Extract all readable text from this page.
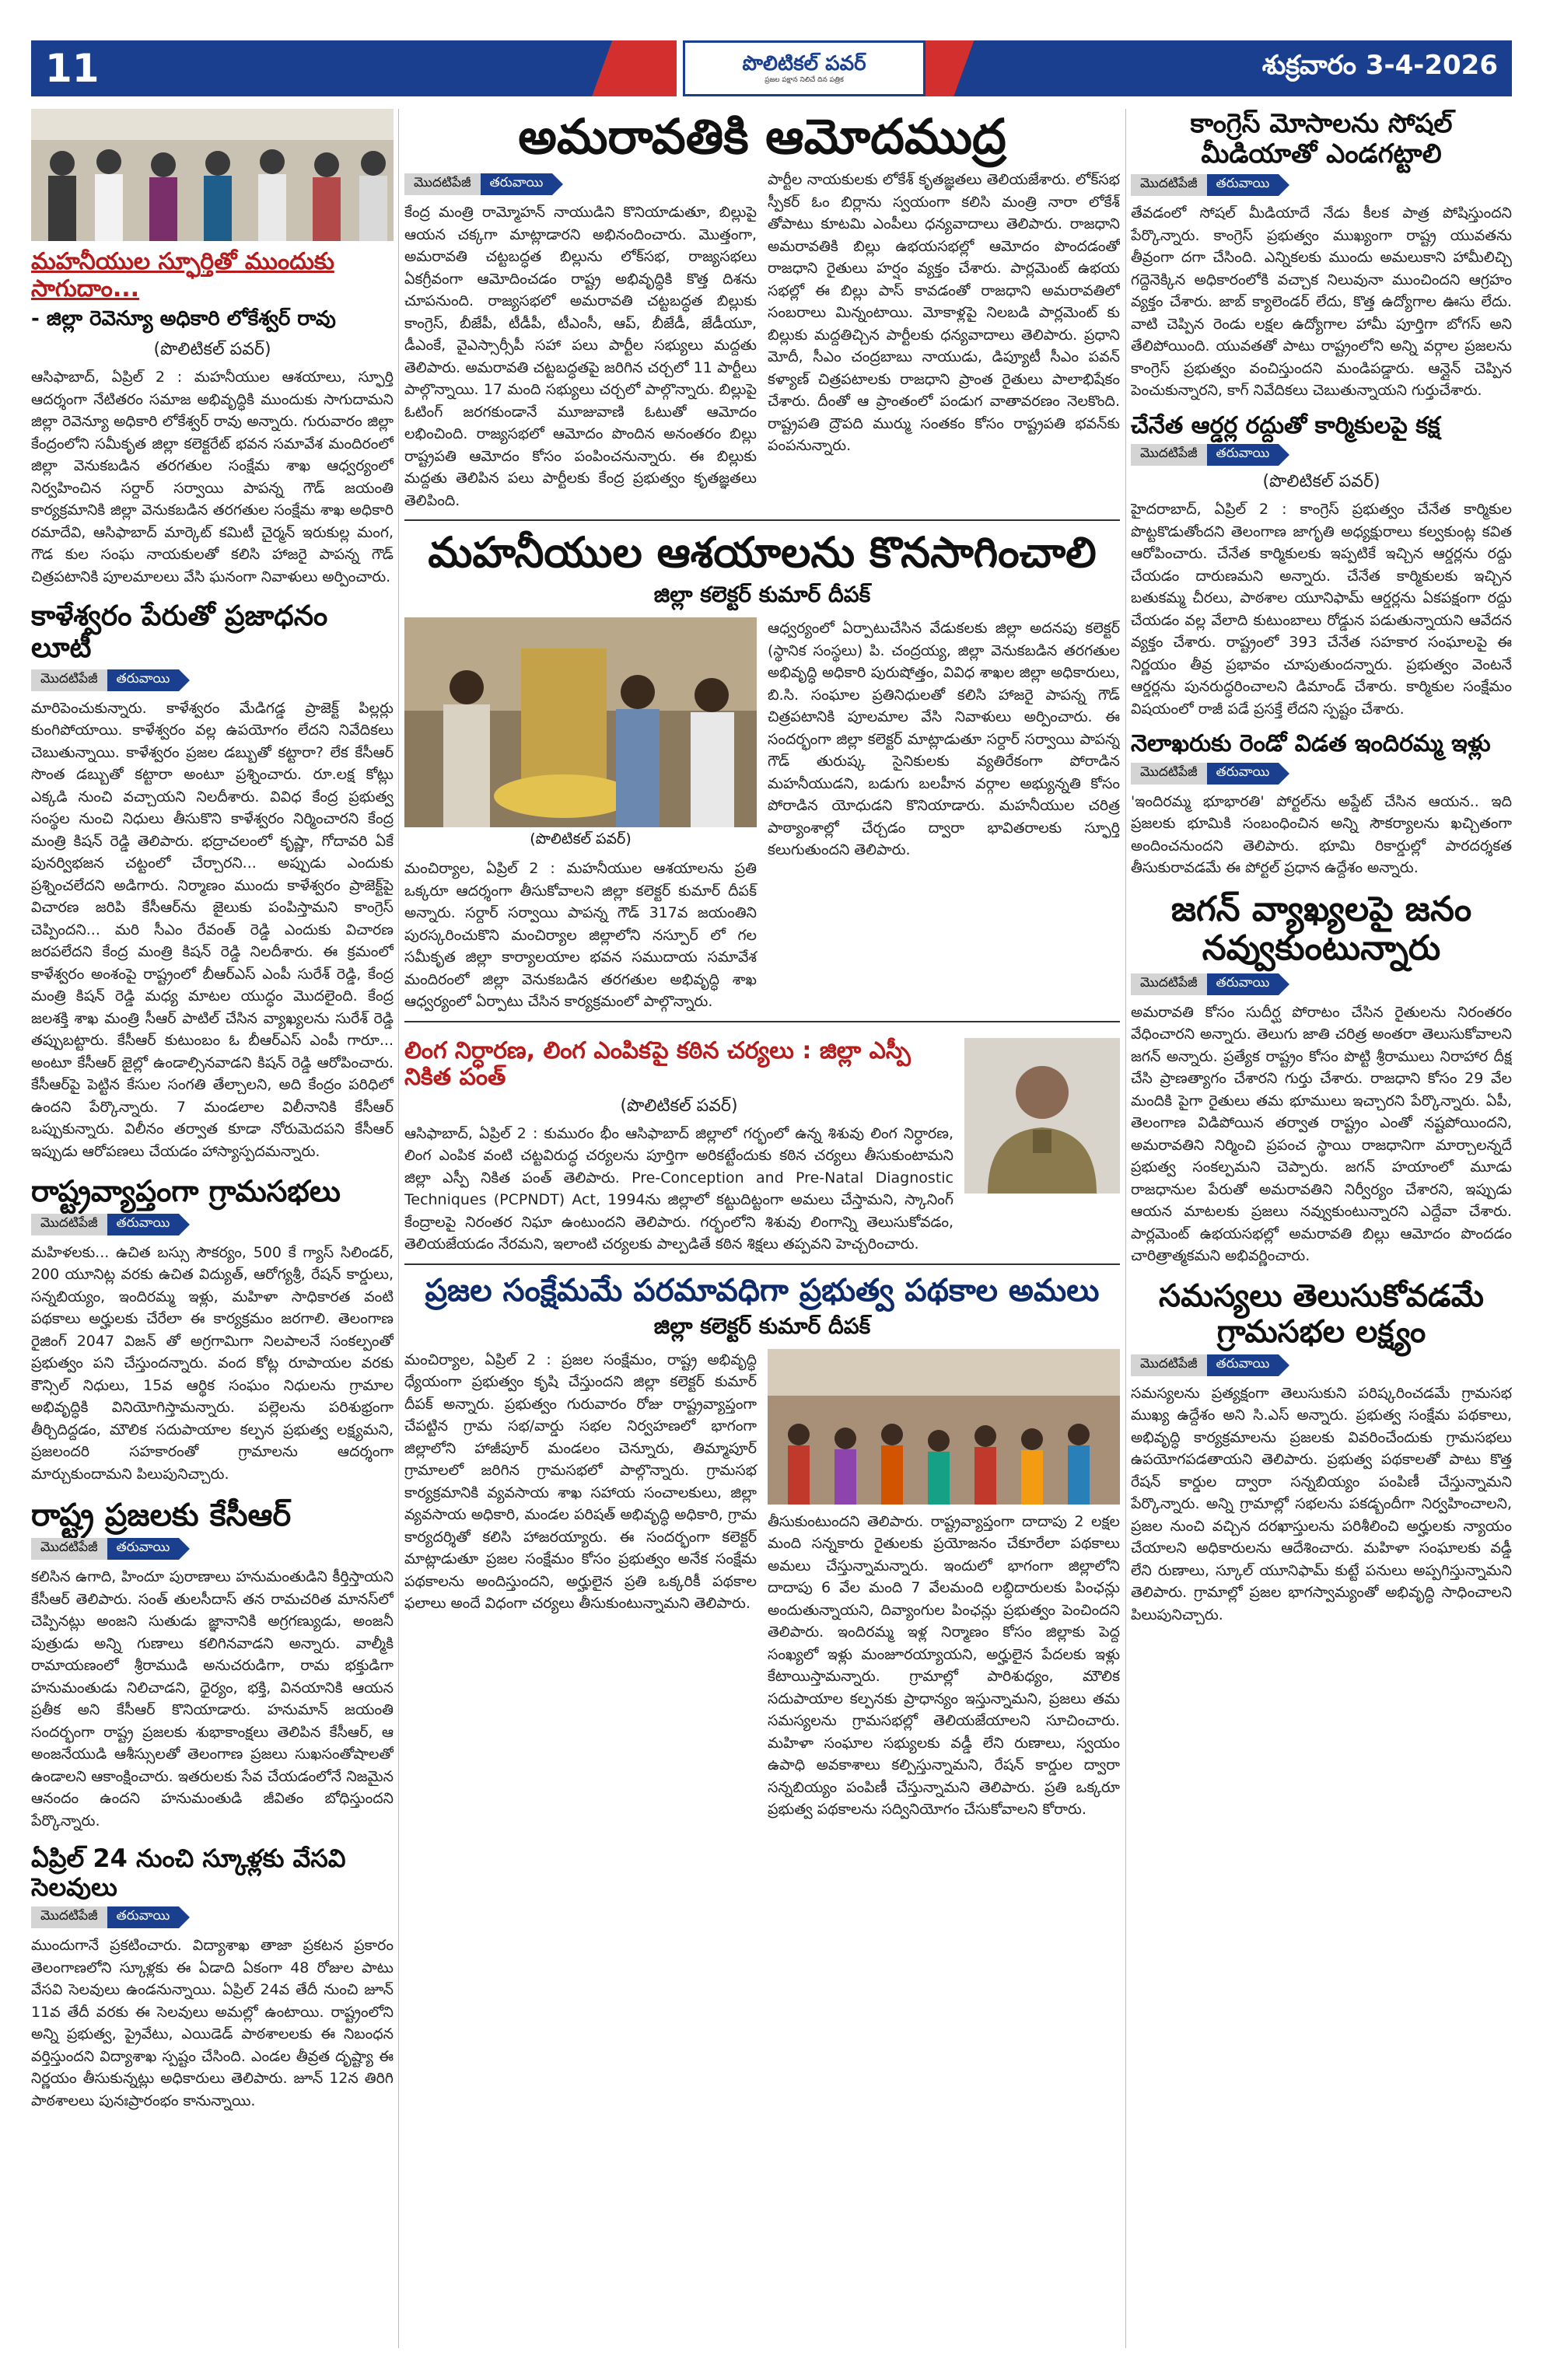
11	పొలిటికల్ పవర్
ప్రజల పక్షాన నిలిచే దిన పత్రిక	శుక్రవారం 3-4-2026
మహనీయుల స్ఫూర్తితో ముందుకు సాగుదాం...
- జిల్లా రెవెన్యూ అధికారి లోకేశ్వర్ రావు
(పొలిటికల్ పవర్)

ఆసిఫాబాద్, ఏప్రిల్ 2 : మహనీయుల ఆశయాలు, స్ఫూర్తి ఆదర్శంగా నేటితరం సమాజ అభివృద్ధికి ముందుకు సాగుదామని జిల్లా రెవెన్యూ అధికారి లోకేశ్వర్ రావు అన్నారు. గురువారం జిల్లా కేంద్రంలోని సమీకృత జిల్లా కలెక్టరేట్ భవన సమావేశ మందిరంలో జిల్లా వెనుకబడిన తరగతుల సంక్షేమ శాఖ ఆధ్వర్యంలో నిర్వహించిన సర్దార్ సర్వాయి పాపన్న గౌడ్ జయంతి కార్యక్రమానికి జిల్లా వెనుకబడిన తరగతుల సంక్షేమ శాఖ అధికారి రమాదేవి, ఆసిఫాబాద్ మార్కెట్ కమిటీ చైర్మన్ ఇరుకుల్ల మంగ, గౌడ కుల సంఘ నాయకులతో కలిసి హాజరై పాపన్న గౌడ్ చిత్రపటానికి పూలమాలలు వేసి ఘనంగా నివాళులు అర్పించారు.

కాళేశ్వరం పేరుతో ప్రజాధనం లూటీ
మొదటిపేజీ	తరువాయి

మారిపెంచుకున్నారు. కాళేశ్వరం మేడిగడ్డ ప్రాజెక్ట్ పిల్లర్లు కుంగిపోయాయి. కాళేశ్వరం వల్ల ఉపయోగం లేదని నివేదికలు చెబుతున్నాయి. కాళేశ్వరం ప్రజల డబ్బుతో కట్టారా? లేక కేసీఆర్ సొంత డబ్బుతో కట్టారా అంటూ ప్రశ్నించారు. రూ.లక్ష కోట్లు ఎక్కడి నుంచి వచ్చాయని నిలదీశారు. వివిధ కేంద్ర ప్రభుత్వ సంస్థల నుంచి నిధులు తీసుకొని కాళేశ్వరం నిర్మించారని కేంద్ర మంత్రి కిషన్ రెడ్డి తెలిపారు. భద్రాచలంలో కృష్ణా, గోదావరి ఏకే పునర్విభజన చట్టంలో చేర్చారని... అప్పుడు ఎందుకు ప్రశ్నించలేదని అడిగారు. నిర్మాణం ముందు కాళేశ్వరం ప్రాజెక్ట్‌పై విచారణ జరిపి కేసీఆర్‌ను జైలుకు పంపిస్తామని కాంగ్రెస్ చెప్పిందని... మరి సీఎం రేవంత్ రెడ్డి ఎందుకు విచారణ జరపలేదని కేంద్ర మంత్రి కిషన్ రెడ్డి నిలదీశారు. ఈ క్రమంలో కాళేశ్వరం అంశంపై రాష్ట్రంలో బీఆర్ఎస్ ఎంపీ సురేశ్ రెడ్డి, కేంద్ర మంత్రి కిషన్ రెడ్డి మధ్య మాటల యుద్ధం మొదలైంది. కేంద్ర జలశక్తి శాఖ మంత్రి సీఆర్ పాటిల్ చేసిన వ్యాఖ్యలను సురేశ్ రెడ్డి తప్పుబట్టారు. కేసీఆర్ కుటుంబం ఓ బీఆర్ఎస్ ఎంపీ గారూ... అంటూ కేసీఆర్ జైల్లో ఉండాల్సినవాడని కిషన్ రెడ్డి ఆరోపించారు. కేసీఆర్‌పై పెట్టిన కేసుల సంగతి తేల్చాలని, అది కేంద్రం పరిధిలో ఉందని పేర్కొన్నారు. 7 మండలాల విలీనానికి కేసీఆర్ ఒప్పుకున్నారు. విలీనం తర్వాత కూడా నోరుమెదపని కేసీఆర్ ఇప్పుడు ఆరోపణలు చేయడం హాస్యాస్పదమన్నారు.

రాష్ట్రవ్యాప్తంగా గ్రామసభలు
మొదటిపేజీ	తరువాయి

మహిళలకు... ఉచిత బస్సు సౌకర్యం, 500 కే గ్యాస్ సిలిండర్, 200 యూనిట్ల వరకు ఉచిత విద్యుత్, ఆరోగ్యశ్రీ, రేషన్ కార్డులు, సన్నబియ్యం, ఇందిరమ్మ ఇళ్లు, మహిళా సాధికారత వంటి పథకాలు అర్హులకు చేరేలా ఈ కార్యక్రమం జరగాలి. తెలంగాణ రైజింగ్ 2047 విజన్ తో అగ్రగామిగా నిలపాలనే సంకల్పంతో ప్రభుత్వం పని చేస్తుందన్నారు. వంద కోట్ల రూపాయల వరకు కౌన్సిల్ నిధులు, 15వ ఆర్థిక సంఘం నిధులను గ్రామాల అభివృద్ధికి వినియోగిస్తామన్నారు. పల్లెలను పరిశుభ్రంగా తీర్చిదిద్దడం, మౌలిక సదుపాయాల కల్పన ప్రభుత్వ లక్ష్యమని, ప్రజలందరి సహకారంతో గ్రామాలను ఆదర్శంగా మార్చుకుందామని పిలుపునిచ్చారు.

రాష్ట్ర ప్రజలకు కేసీఆర్
మొదటిపేజీ	తరువాయి

కలిసిన ఉగాది, హిందూ పురాణాలు హనుమంతుడిని కీర్తిస్తాయని కేసీఆర్ తెలిపారు. సంత్ తులసీదాస్ తన రామచరిత మానస్‌లో చెప్పినట్లు అంజని సుతుడు జ్ఞానానికి అగ్రగణ్యుడు, అంజనీ పుత్రుడు అన్ని గుణాలు కలిగినవాడని అన్నారు. వాల్మీకి రామాయణంలో శ్రీరాముడి అనుచరుడిగా, రామ భక్తుడిగా హనుమంతుడు నిలిచాడని, ధైర్యం, భక్తి, వినయానికి ఆయన ప్రతీక అని కేసీఆర్ కొనియాడారు. హనుమాన్ జయంతి సందర్భంగా రాష్ట్ర ప్రజలకు శుభాకాంక్షలు తెలిపిన కేసీఆర్, ఆ అంజనేయుడి ఆశీస్సులతో తెలంగాణ ప్రజలు సుఖసంతోషాలతో ఉండాలని ఆకాంక్షించారు. ఇతరులకు సేవ చేయడంలోనే నిజమైన ఆనందం ఉందని హనుమంతుడి జీవితం బోధిస్తుందని పేర్కొన్నారు.

ఏప్రిల్ 24 నుంచి స్కూళ్లకు వేసవి సెలవులు
మొదటిపేజీ	తరువాయి

ముందుగానే ప్రకటించారు. విద్యాశాఖ తాజా ప్రకటన ప్రకారం తెలంగాణలోని స్కూళ్లకు ఈ ఏడాది ఏకంగా 48 రోజుల పాటు వేసవి సెలవులు ఉండనున్నాయి. ఏప్రిల్ 24వ తేదీ నుంచి జూన్ 11వ తేదీ వరకు ఈ సెలవులు అమల్లో ఉంటాయి. రాష్ట్రంలోని అన్ని ప్రభుత్వ, ప్రైవేటు, ఎయిడెడ్ పాఠశాలలకు ఈ నిబంధన వర్తిస్తుందని విద్యాశాఖ స్పష్టం చేసింది. ఎండల తీవ్రత దృష్ట్యా ఈ నిర్ణయం తీసుకున్నట్లు అధికారులు తెలిపారు. జూన్ 12న తిరిగి పాఠశాలలు పునఃప్రారంభం కానున్నాయి.

అమరావతికి ఆమోదముద్ర
మొదటిపేజీ	తరువాయి

కేంద్ర మంత్రి రామ్మోహన్ నాయుడిని కొనియాడుతూ, బిల్లుపై ఆయన చక్కగా మాట్లాడారని అభినందించారు. మొత్తంగా, అమరావతి చట్టబద్ధత బిల్లును లోక్‌సభ, రాజ్యసభలు ఏకగ్రీవంగా ఆమోదించడం రాష్ట్ర అభివృద్ధికి కొత్త దిశను చూపనుంది. రాజ్యసభలో అమరావతి చట్టబద్ధత బిల్లుకు కాంగ్రెస్, బీజేపీ, టీడీపీ, టీఎంసీ, ఆప్, బీజేడీ, జేడీయూ, డీఎంకే, వైఎస్సార్సీపీ సహా పలు పార్టీల సభ్యులు మద్దతు తెలిపారు. అమరావతి చట్టబద్ధతపై జరిగిన చర్చలో 11 పార్టీలు పాల్గొన్నాయి. 17 మంది సభ్యులు చర్చలో పాల్గొన్నారు. బిల్లుపై ఓటింగ్ జరగకుండానే మూజువాణి ఓటుతో ఆమోదం లభించింది. రాజ్యసభలో ఆమోదం పొందిన అనంతరం బిల్లు రాష్ట్రపతి ఆమోదం కోసం పంపించనున్నారు. ఈ బిల్లుకు మద్దతు తెలిపిన పలు పార్టీలకు కేంద్ర ప్రభుత్వం కృతజ్ఞతలు తెలిపింది.

పార్టీల నాయకులకు లోకేశ్ కృతజ్ఞతలు తెలియజేశారు. లోక్‌సభ స్పీకర్ ఓం బిర్లాను స్వయంగా కలిసి మంత్రి నారా లోకేశ్ తోపాటు కూటమి ఎంపీలు ధన్యవాదాలు తెలిపారు. రాజధాని అమరావతికి బిల్లు ఉభయసభల్లో ఆమోదం పొందడంతో రాజధాని రైతులు హర్షం వ్యక్తం చేశారు. పార్లమెంట్ ఉభయ సభల్లో ఈ బిల్లు పాస్ కావడంతో రాజధాని అమరావతిలో సంబరాలు మిన్నంటాయి. మోకాళ్లపై నిలబడి పార్లమెంట్ కు బిల్లుకు మద్దతిచ్చిన పార్టీలకు ధన్యవాదాలు తెలిపారు. ప్రధాని మోదీ, సీఎం చంద్రబాబు నాయుడు, డిప్యూటీ సీఎం పవన్ కళ్యాణ్ చిత్రపటాలకు రాజధాని ప్రాంత రైతులు పాలాభిషేకం చేశారు. దీంతో ఆ ప్రాంతంలో పండుగ వాతావరణం నెలకొంది. రాష్ట్రపతి ద్రౌపది ముర్ము సంతకం కోసం రాష్ట్రపతి భవన్‌కు పంపనున్నారు.

మహనీయుల ఆశయాలను కొనసాగించాలి
జిల్లా కలెక్టర్ కుమార్ దీపక్
(పొలిటికల్ పవర్)

మంచిర్యాల, ఏప్రిల్ 2 : మహనీయుల ఆశయాలను ప్రతి ఒక్కరూ ఆదర్శంగా తీసుకోవాలని జిల్లా కలెక్టర్ కుమార్ దీపక్ అన్నారు. సర్దార్ సర్వాయి పాపన్న గౌడ్ 317వ జయంతిని పురస్కరించుకొని మంచిర్యాల జిల్లాలోని నస్పూర్ లో గల సమీకృత జిల్లా కార్యాలయాల భవన సముదాయ సమావేశ మందిరంలో జిల్లా వెనుకబడిన తరగతుల అభివృద్ధి శాఖ ఆధ్వర్యంలో ఏర్పాటు చేసిన కార్యక్రమంలో పాల్గొన్నారు.

ఆధ్వర్యంలో ఏర్పాటుచేసిన వేడుకలకు జిల్లా అదనపు కలెక్టర్ (స్థానిక సంస్థలు) పి. చంద్రయ్య, జిల్లా వెనుకబడిన తరగతుల అభివృద్ధి అధికారి పురుషోత్తం, వివిధ శాఖల జిల్లా అధికారులు, బి.సి. సంఘాల ప్రతినిధులతో కలిసి హాజరై పాపన్న గౌడ్ చిత్రపటానికి పూలమాల వేసి నివాళులు అర్పించారు. ఈ సందర్భంగా జిల్లా కలెక్టర్ మాట్లాడుతూ సర్దార్ సర్వాయి పాపన్న గౌడ్ తురుష్క సైనికులకు వ్యతిరేకంగా పోరాడిన మహనీయుడని, బడుగు బలహీన వర్గాల అభ్యున్నతి కోసం పోరాడిన యోధుడని కొనియాడారు. మహనీయుల చరిత్ర పాఠ్యాంశాల్లో చేర్చడం ద్వారా భావితరాలకు స్ఫూర్తి కలుగుతుందని తెలిపారు.

లింగ నిర్ధారణ, లింగ ఎంపికపై కఠిన చర్యలు : జిల్లా ఎస్పీ నికిత పంత్
(పొలిటికల్ పవర్)

ఆసిఫాబాద్, ఏప్రిల్ 2 : కుమురం భీం ఆసిఫాబాద్ జిల్లాలో గర్భంలో ఉన్న శిశువు లింగ నిర్ధారణ, లింగ ఎంపిక వంటి చట్టవిరుద్ధ చర్యలను పూర్తిగా అరికట్టేందుకు కఠిన చర్యలు తీసుకుంటామని జిల్లా ఎస్పీ నికిత పంత్ తెలిపారు. Pre-Conception and Pre-Natal Diagnostic Techniques (PCPNDT) Act, 1994ను జిల్లాలో కట్టుదిట్టంగా అమలు చేస్తామని, స్కానింగ్ కేంద్రాలపై నిరంతర నిఘా ఉంటుందని తెలిపారు. గర్భంలోని శిశువు లింగాన్ని తెలుసుకోవడం, తెలియజేయడం నేరమని, ఇలాంటి చర్యలకు పాల్పడితే కఠిన శిక్షలు తప్పవని హెచ్చరించారు.

ప్రజల సంక్షేమమే పరమావధిగా ప్రభుత్వ పథకాల అమలు
జిల్లా కలెక్టర్ కుమార్ దీపక్

మంచిర్యాల, ఏప్రిల్ 2 : ప్రజల సంక్షేమం, రాష్ట్ర అభివృద్ధి ధ్యేయంగా ప్రభుత్వం కృషి చేస్తుందని జిల్లా కలెక్టర్ కుమార్ దీపక్ అన్నారు. ప్రభుత్వం గురువారం రోజు రాష్ట్రవ్యాప్తంగా చేపట్టిన గ్రామ సభ/వార్డు సభల నిర్వహణలో భాగంగా జిల్లాలోని హాజీపూర్ మండలం చెన్నూరు, తిమ్మాపూర్ గ్రామాలలో జరిగిన గ్రామసభలో పాల్గొన్నారు. గ్రామసభ కార్యక్రమానికి వ్యవసాయ శాఖ సహాయ సంచాలకులు, జిల్లా వ్యవసాయ అధికారి, మండల పరిషత్ అభివృద్ధి అధికారి, గ్రామ కార్యదర్శితో కలిసి హాజరయ్యారు. ఈ సందర్భంగా కలెక్టర్ మాట్లాడుతూ ప్రజల సంక్షేమం కోసం ప్రభుత్వం అనేక సంక్షేమ పథకాలను అందిస్తుందని, అర్హులైన ప్రతి ఒక్కరికీ పథకాల ఫలాలు అందే విధంగా చర్యలు తీసుకుంటున్నామని తెలిపారు.

తీసుకుంటుందని తెలిపారు. రాష్ట్రవ్యాప్తంగా దాదాపు 2 లక్షల మంది సన్నకారు రైతులకు ప్రయోజనం చేకూరేలా పథకాలు అమలు చేస్తున్నామన్నారు. ఇందులో భాగంగా జిల్లాలోని దాదాపు 6 వేల మంది 7 వేలమంది లబ్ధిదారులకు పింఛన్లు అందుతున్నాయని, దివ్యాంగుల పింఛన్లు ప్రభుత్వం పెంచిందని తెలిపారు. ఇందిరమ్మ ఇళ్ల నిర్మాణం కోసం జిల్లాకు పెద్ద సంఖ్యలో ఇళ్లు మంజూరయ్యాయని, అర్హులైన పేదలకు ఇళ్లు కేటాయిస్తామన్నారు. గ్రామాల్లో పారిశుధ్యం, మౌలిక సదుపాయాల కల్పనకు ప్రాధాన్యం ఇస్తున్నామని, ప్రజలు తమ సమస్యలను గ్రామసభల్లో తెలియజేయాలని సూచించారు. మహిళా సంఘాల సభ్యులకు వడ్డీ లేని రుణాలు, స్వయం ఉపాధి అవకాశాలు కల్పిస్తున్నామని, రేషన్ కార్డుల ద్వారా సన్నబియ్యం పంపిణీ చేస్తున్నామని తెలిపారు. ప్రతి ఒక్కరూ ప్రభుత్వ పథకాలను సద్వినియోగం చేసుకోవాలని కోరారు.

కాంగ్రెస్ మోసాలను సోషల్ మీడియాతో ఎండగట్టాలి
మొదటిపేజీ	తరువాయి

తేవడంలో సోషల్ మీడియాదే నేడు కీలక పాత్ర పోషిస్తుందని పేర్కొన్నారు. కాంగ్రెస్ ప్రభుత్వం ముఖ్యంగా రాష్ట్ర యువతను తీవ్రంగా దగా చేసింది. ఎన్నికలకు ముందు అమలుకాని హామీలిచ్చి గద్దెనెక్కిన అధికారంలోకి వచ్చాక నిలువునా ముంచిందని ఆగ్రహం వ్యక్తం చేశారు. జాబ్ క్యాలెండర్ లేదు, కొత్త ఉద్యోగాల ఊసు లేదు. వాటి చెప్పిన రెండు లక్షల ఉద్యోగాల హామీ పూర్తిగా బోగస్ అని తేలిపోయింది. యువతతో పాటు రాష్ట్రంలోని అన్ని వర్గాల ప్రజలను కాంగ్రెస్ ప్రభుత్వం వంచిస్తుందని మండిపడ్డారు. ఆన్లైన్ చెప్పిన పెంచుకున్నారని, కాగ్ నివేదికలు చెబుతున్నాయని గుర్తుచేశారు.

చేనేత ఆర్డర్ల రద్దుతో కార్మికులపై కక్ష
మొదటిపేజీ	తరువాయి
(పొలిటికల్ పవర్)

హైదరాబాద్, ఏప్రిల్ 2 : కాంగ్రెస్ ప్రభుత్వం చేనేత కార్మికుల పొట్టకొడుతోందని తెలంగాణ జాగృతి అధ్యక్షురాలు కల్వకుంట్ల కవిత ఆరోపించారు. చేనేత కార్మికులకు ఇప్పటికే ఇచ్చిన ఆర్డర్లను రద్దు చేయడం దారుణమని అన్నారు. చేనేత కార్మికులకు ఇచ్చిన బతుకమ్మ చీరలు, పాఠశాల యూనిఫామ్ ఆర్డర్లను ఏకపక్షంగా రద్దు చేయడం వల్ల వేలాది కుటుంబాలు రోడ్డున పడుతున్నాయని ఆవేదన వ్యక్తం చేశారు. రాష్ట్రంలో 393 చేనేత సహకార సంఘాలపై ఈ నిర్ణయం తీవ్ర ప్రభావం చూపుతుందన్నారు. ప్రభుత్వం వెంటనే ఆర్డర్లను పునరుద్ధరించాలని డిమాండ్ చేశారు. కార్మికుల సంక్షేమం విషయంలో రాజీ పడే ప్రసక్తే లేదని స్పష్టం చేశారు.

నెలాఖరుకు రెండో విడత ఇందిరమ్మ ఇళ్లు
మొదటిపేజీ	తరువాయి

'ఇందిరమ్మ భూభారతి' పోర్టల్‌ను అప్డేట్ చేసిన ఆయన.. ఇది ప్రజలకు భూమికి సంబంధించిన అన్ని సౌకర్యాలను ఖచ్చితంగా అందించనుందని తెలిపారు. భూమి రికార్డుల్లో పారదర్శకత తీసుకురావడమే ఈ పోర్టల్ ప్రధాన ఉద్దేశం అన్నారు.

జగన్ వ్యాఖ్యలపై జనం నవ్వుకుంటున్నారు
మొదటిపేజీ	తరువాయి

అమరావతి కోసం సుదీర్ఘ పోరాటం చేసిన రైతులను నిరంతరం వేధించారని అన్నారు. తెలుగు జాతి చరిత్ర అంతరా తెలుసుకోవాలని జగన్ అన్నారు. ప్రత్యేక రాష్ట్రం కోసం పొట్టి శ్రీరాములు నిరాహార దీక్ష చేసి ప్రాణత్యాగం చేశారని గుర్తు చేశారు. రాజధాని కోసం 29 వేల మందికి పైగా రైతులు తమ భూములు ఇచ్చారని పేర్కొన్నారు. ఏపీ, తెలంగాణ విడిపోయిన తర్వాత రాష్ట్రం ఎంతో నష్టపోయిందని, అమరావతిని నిర్మించి ప్రపంచ స్థాయి రాజధానిగా మార్చాలన్నదే ప్రభుత్వ సంకల్పమని చెప్పారు. జగన్ హయాంలో మూడు రాజధానుల పేరుతో అమరావతిని నిర్వీర్యం చేశారని, ఇప్పుడు ఆయన మాటలకు ప్రజలు నవ్వుకుంటున్నారని ఎద్దేవా చేశారు. పార్లమెంట్ ఉభయసభల్లో అమరావతి బిల్లు ఆమోదం పొందడం చారిత్రాత్మకమని అభివర్ణించారు.

సమస్యలు తెలుసుకోవడమే గ్రామసభల లక్ష్యం
మొదటిపేజీ	తరువాయి

సమస్యలను ప్రత్యక్షంగా తెలుసుకుని పరిష్కరించడమే గ్రామసభ ముఖ్య ఉద్దేశం అని సి.ఎస్ అన్నారు. ప్రభుత్వ సంక్షేమ పథకాలు, అభివృద్ధి కార్యక్రమాలను ప్రజలకు వివరించేందుకు గ్రామసభలు ఉపయోగపడతాయని తెలిపారు. ప్రభుత్వ పథకాలతో పాటు కొత్త రేషన్ కార్డుల ద్వారా సన్నబియ్యం పంపిణీ చేస్తున్నామని పేర్కొన్నారు. అన్ని గ్రామాల్లో సభలను పకడ్బందీగా నిర్వహించాలని, ప్రజల నుంచి వచ్చిన దరఖాస్తులను పరిశీలించి అర్హులకు న్యాయం చేయాలని అధికారులను ఆదేశించారు. మహిళా సంఘాలకు వడ్డీ లేని రుణాలు, స్కూల్ యూనిఫామ్ కుట్టే పనులు అప్పగిస్తున్నామని తెలిపారు. గ్రామాల్లో ప్రజల భాగస్వామ్యంతో అభివృద్ధి సాధించాలని పిలుపునిచ్చారు.
